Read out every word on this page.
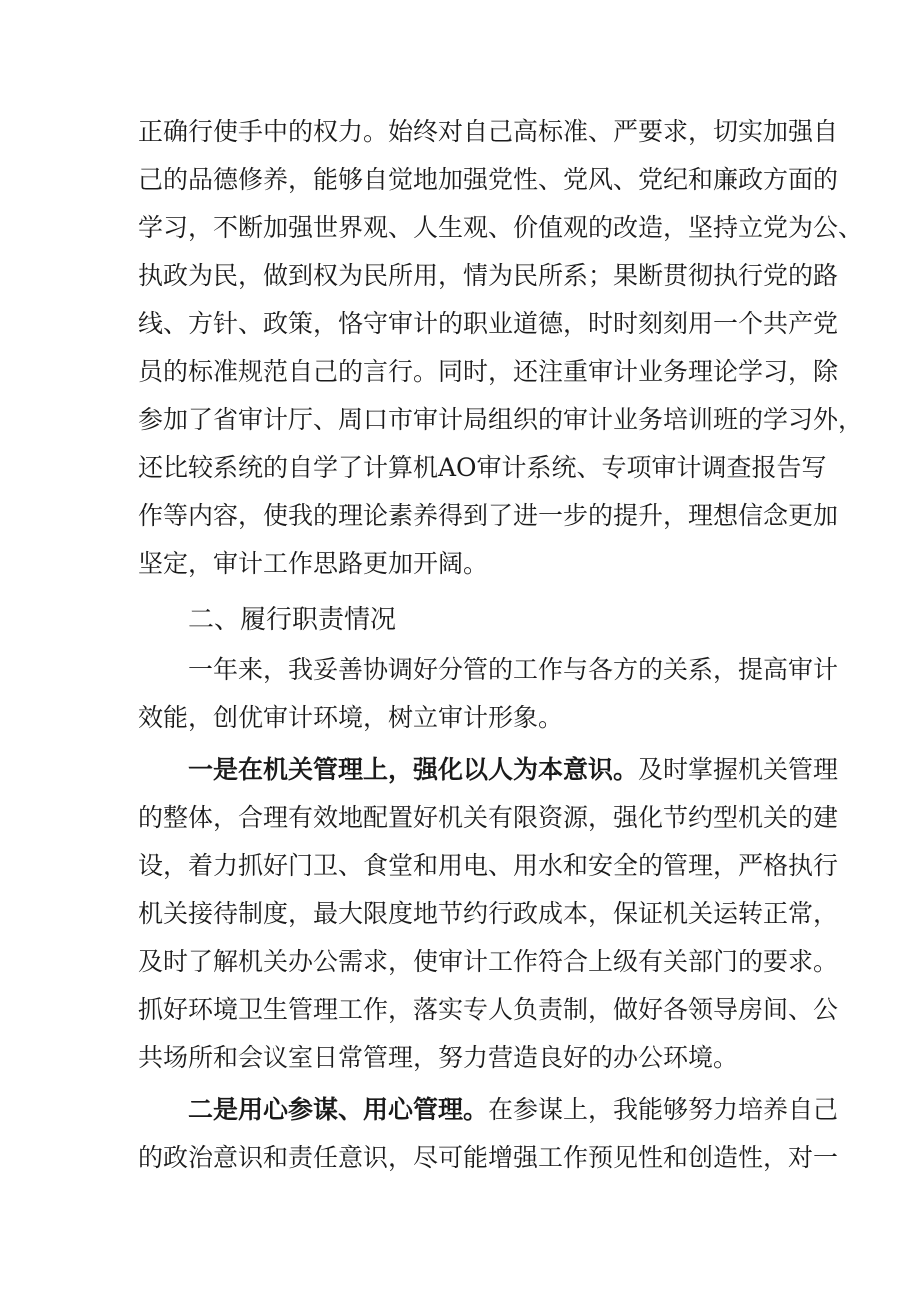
正确行使手中的权力。始终对自己高标准、严要求，切实加强自
己的品德修养，能够自觉地加强党性、党风、党纪和廉政方面的
学习，不断加强世界观、人生观、价值观的改造，坚持立党为公、
执政为民，做到权为民所用，情为民所系；果断贯彻执行党的路
线、方针、政策，恪守审计的职业道德，时时刻刻用一个共产党
员的标准规范自己的言行。同时，还注重审计业务理论学习，除
参加了省审计厅、周口市审计局组织的审计业务培训班的学习外，
还比较系统的自学了计算机AO审计系统、专项审计调查报告写
作等内容，使我的理论素养得到了进一步的提升，理想信念更加
坚定，审计工作思路更加开阔。
二、履行职责情况
一年来，我妥善协调好分管的工作与各方的关系，提高审计
效能，创优审计环境，树立审计形象。
一是在机关管理上，强化以人为本意识。及时掌握机关管理
的整体，合理有效地配置好机关有限资源，强化节约型机关的建
设，着力抓好门卫、食堂和用电、用水和安全的管理，严格执行
机关接待制度，最大限度地节约行政成本，保证机关运转正常，
及时了解机关办公需求，使审计工作符合上级有关部门的要求。
抓好环境卫生管理工作，落实专人负责制，做好各领导房间、公
共场所和会议室日常管理，努力营造良好的办公环境。
二是用心参谋、用心管理。在参谋上，我能够努力培养自己
的政治意识和责任意识，尽可能增强工作预见性和创造性，对一
